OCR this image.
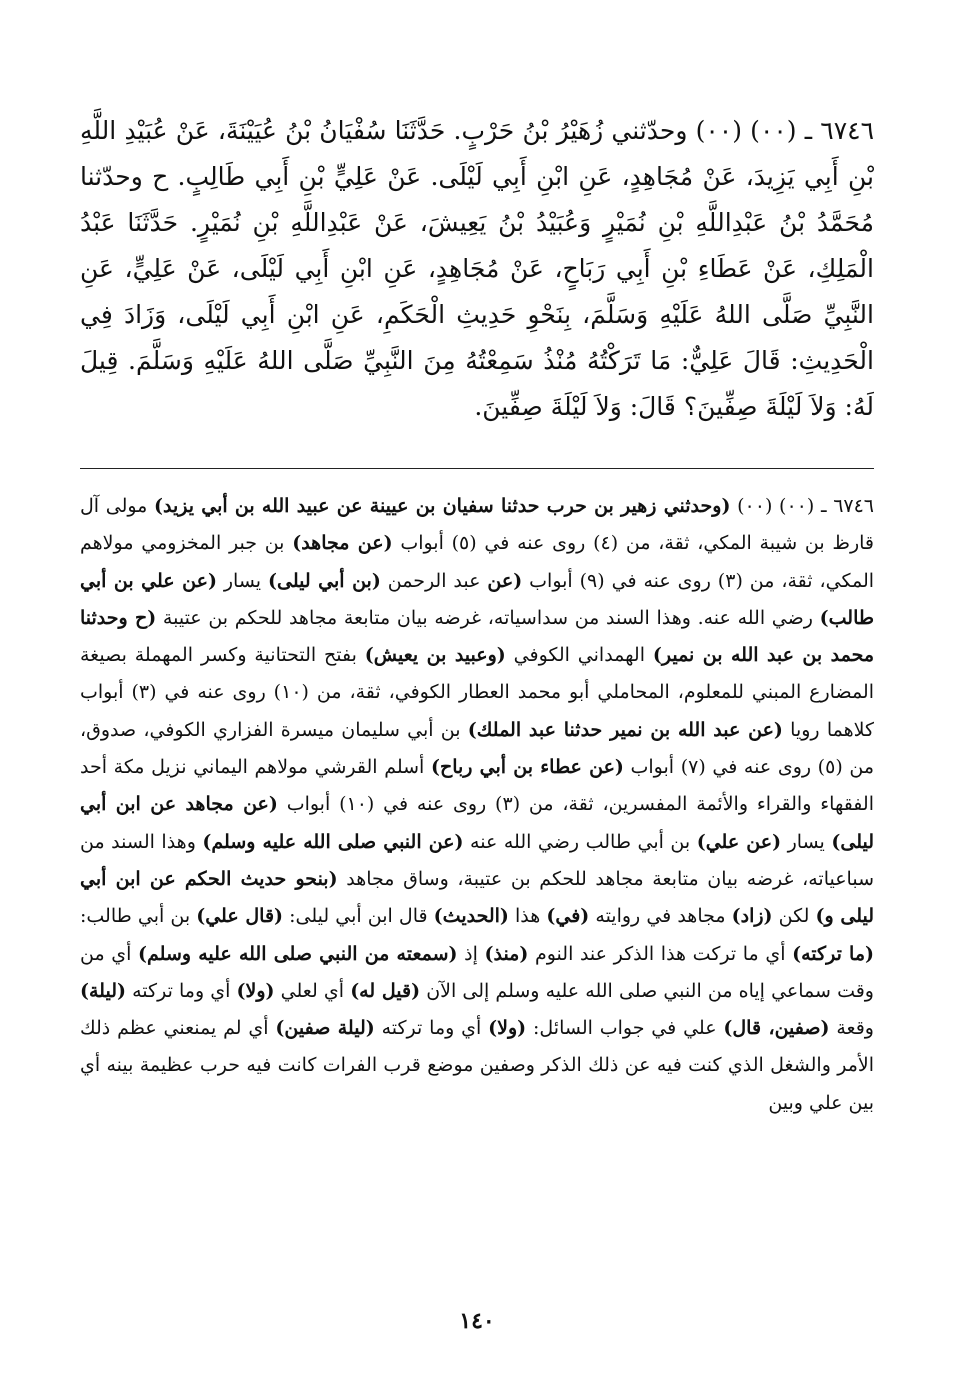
٦٧٤٦ ـ (٠٠) (٠٠) وحدّثني زُهَيْرُ بْنُ حَرْبٍ. حَدَّثَنَا سُفْيَانُ بْنُ عُيَيْنَةَ، عَنْ عُبَيْدِ اللَّهِ بْنِ أَبِي يَزِيدَ، عَنْ مُجَاهِدٍ، عَنِ ابْنِ أَبِي لَيْلَى. عَنْ عَلِيٍّ بْنِ أَبِي طَالِبٍ. ح وحدّثنا مُحَمَّدُ بْنُ عَبْدِاللَّهِ بْنِ نُمَيْرٍ وَعُبَيْدُ بْنُ يَعِيشَ، عَنْ عَبْدِاللَّهِ بْنِ نُمَيْرٍ. حَدَّثَنَا عَبْدُ الْمَلِكِ، عَنْ عَطَاءِ بْنِ أَبِي رَبَاحٍ، عَنْ مُجَاهِدٍ، عَنِ ابْنِ أَبِي لَيْلَى، عَنْ عَلِيٍّ، عَنِ النَّبِيِّ صَلَّى اللهُ عَلَيْهِ وَسَلَّمَ، بِنَحْوِ حَدِيثِ الْحَكَمِ، عَنِ ابْنِ أَبِي لَيْلَى، وَزَادَ فِي الْحَدِيثِ: قَالَ عَلِيٌّ: مَا تَرَكْتُهُ مُنْذُ سَمِعْتُهُ مِنَ النَّبِيِّ صَلَّى اللهُ عَلَيْهِ وَسَلَّمَ. قِيلَ لَهُ: وَلاَ لَيْلَةَ صِفِّينَ؟ قَالَ: وَلاَ لَيْلَةَ صِفِّينَ.

٦٧٤٦ ـ (٠٠) (٠٠) (وحدثني زهير بن حرب حدثنا سفيان بن عيينة عن عبيد الله بن أبي يزيد) مولى آل قارظ بن شيبة المكي، ثقة، من (٤) روى عنه في (٥) أبواب (عن مجاهد) بن جبر المخزومي مولاهم المكي، ثقة، من (٣) روى عنه في (٩) أبواب (عن عبد الرحمن (بن أبي ليلى) يسار (عن علي بن أبي طالب) رضي الله عنه. وهذا السند من سداسياته، غرضه بيان متابعة مجاهد للحكم بن عتيبة (ح وحدثنا محمد بن عبد الله بن نمير) الهمداني الكوفي (وعبيد بن يعيش) بفتح التحتانية وكسر المهملة بصيغة المضارع المبني للمعلوم، المحاملي أبو محمد العطار الكوفي، ثقة، من (١٠) روى عنه في (٣) أبواب كلاهما رويا (عن عبد الله بن نمير حدثنا عبد الملك) بن أبي سليمان ميسرة الفزاري الكوفي، صدوق، من (٥) روى عنه في (٧) أبواب (عن عطاء بن أبي رباح) أسلم القرشي مولاهم اليماني نزيل مكة أحد الفقهاء والقراء والأئمة المفسرين، ثقة، من (٣) روى عنه في (١٠) أبواب (عن مجاهد عن ابن أبي ليلى) يسار (عن علي) بن أبي طالب رضي الله عنه (عن النبي صلى الله عليه وسلم) وهذا السند من سباعياته، غرضه بيان متابعة مجاهد للحكم بن عتيبة، وساق مجاهد (بنحو حديث الحكم عن ابن أبي ليلى و) لكن (زاد) مجاهد في روايته (في) هذا (الحديث) قال ابن أبي ليلى: (قال علي) بن أبي طالب: (ما تركته) أي ما تركت هذا الذكر عند النوم (منذ) إذ (سمعته من النبي صلى الله عليه وسلم) أي من وقت سماعي إياه من النبي صلى الله عليه وسلم إلى الآن (قيل له) أي لعلي (ولا) أي وما تركته (ليلة) وقعة (صفين، قال) علي في جواب السائل: (ولا) أي وما تركته (ليلة صفين) أي لم يمنعني عظم ذلك الأمر والشغل الذي كنت فيه عن ذلك الذكر وصفين موضع قرب الفرات كانت فيه حرب عظيمة بينه أي بين علي وبين

١٤٠
